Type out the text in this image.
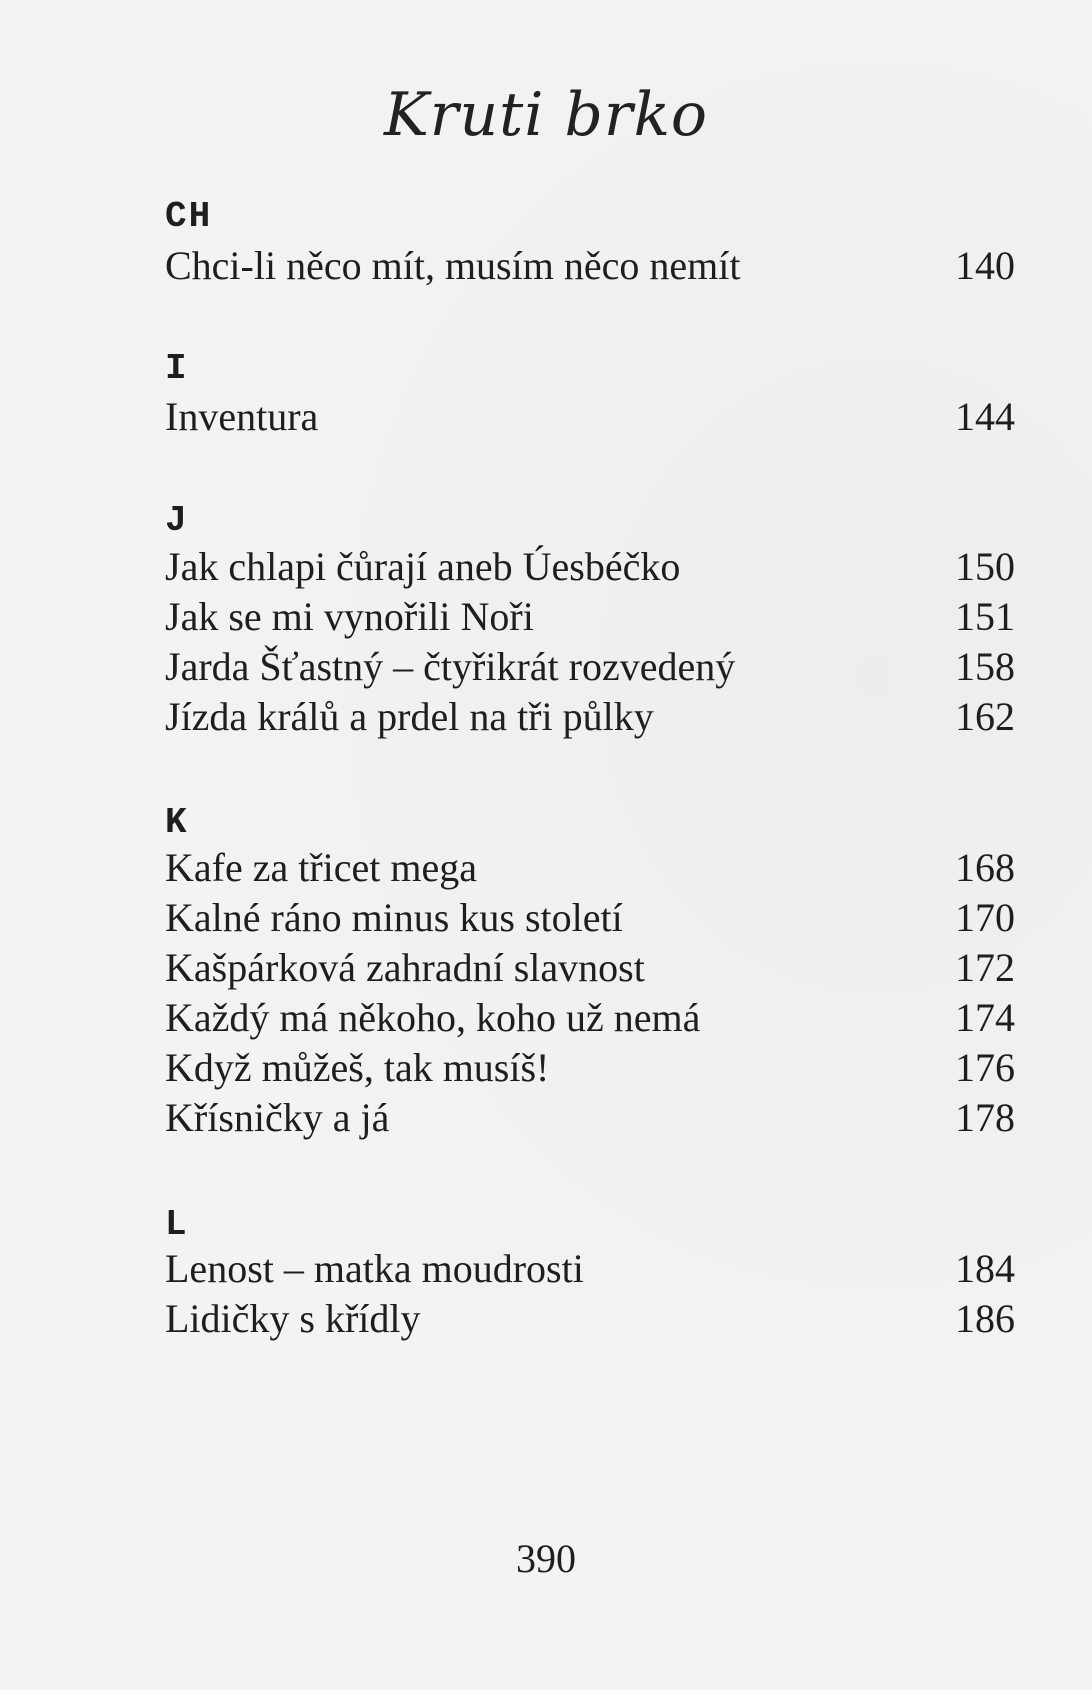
Kruti brko
CH
Chci-li něco mít, musím něco nemít	140
I
Inventura	144
J
Jak chlapi čůrají aneb Úesbéčko	150
Jak se mi vynořili Noři	151
Jarda Šťastný – čtyřikrát rozvedený	158
Jízda králů a prdel na tři půlky	162
K
Kafe za třicet mega	168
Kalné ráno minus kus století	170
Kašpárková zahradní slavnost	172
Každý má někoho, koho už nemá	174
Když můžeš, tak musíš!	176
Křísničky a já	178
L
Lenost – matka moudrosti	184
Lidičky s křídly	186
390
